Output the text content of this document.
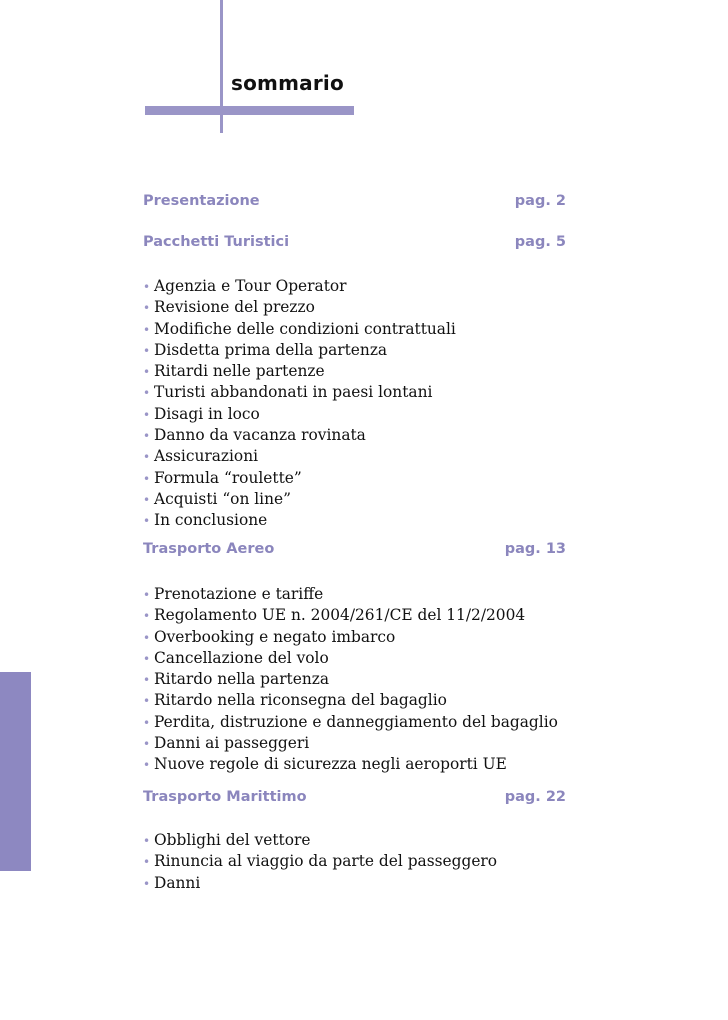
sommario
Presentazione	pag. 2
Pacchetti Turistici	pag. 5
• Agenzia e Tour Operator
• Revisione del prezzo
• Modifiche delle condizioni contrattuali
• Disdetta prima della partenza
• Ritardi nelle partenze
• Turisti abbandonati in paesi lontani
• Disagi in loco
• Danno da vacanza rovinata
• Assicurazioni
• Formula “roulette”
• Acquisti “on line”
• In conclusione
Trasporto Aereo	pag. 13
• Prenotazione e tariffe
• Regolamento UE n. 2004/261/CE del 11/2/2004
• Overbooking e negato imbarco
• Cancellazione del volo
• Ritardo nella partenza
• Ritardo nella riconsegna del bagaglio
• Perdita, distruzione e danneggiamento del bagaglio
• Danni ai passeggeri
• Nuove regole di sicurezza negli aeroporti UE
Trasporto Marittimo	pag. 22
• Obblighi del vettore
• Rinuncia al viaggio da parte del passeggero
• Danni
